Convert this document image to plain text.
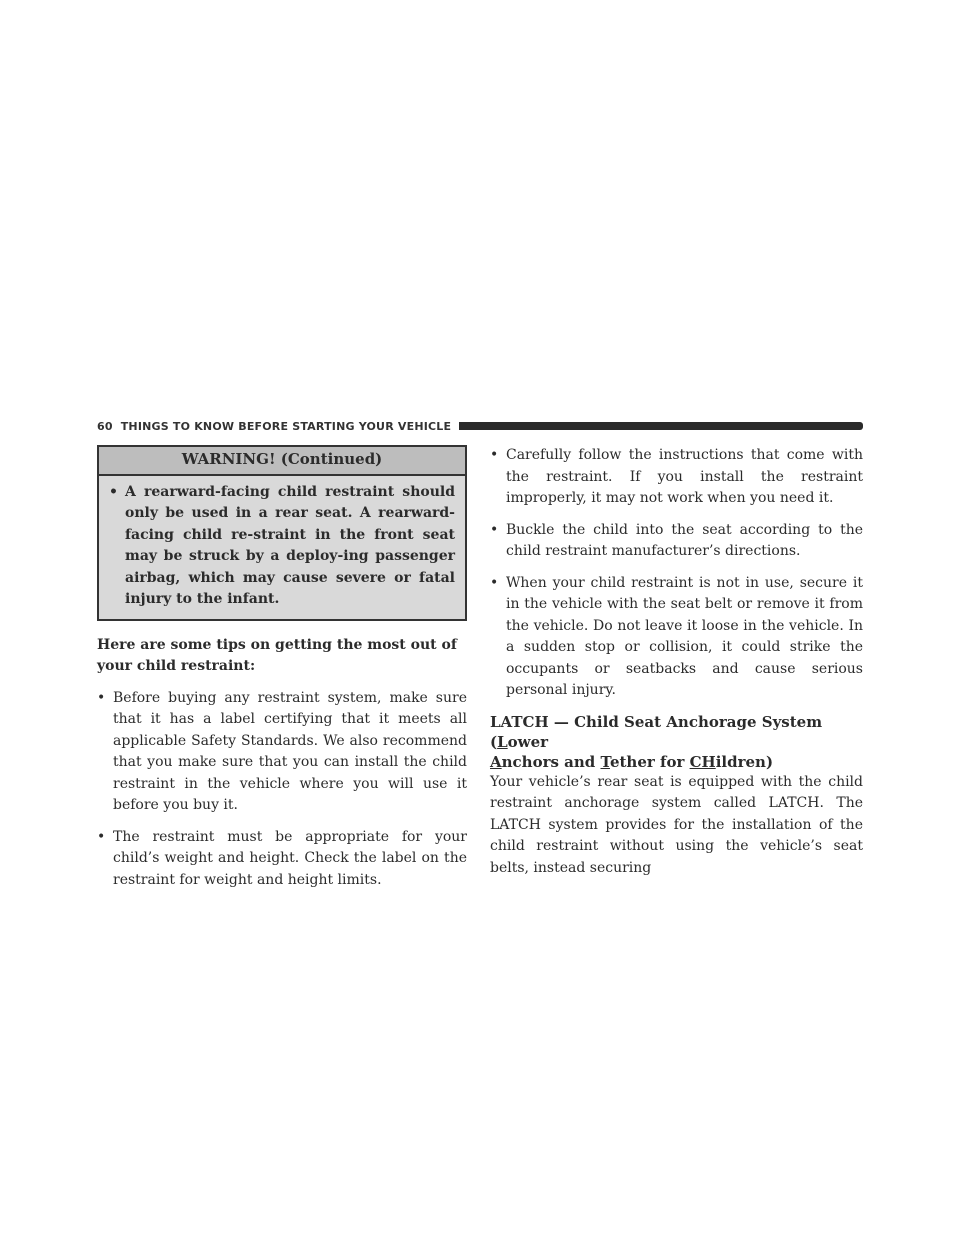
60 THINGS TO KNOW BEFORE STARTING YOUR VEHICLE
WARNING! (Continued)
• A rearward-facing child restraint should only be used in a rear seat. A rearward-facing child re-straint in the front seat may be struck by a deploy-ing passenger airbag, which may cause severe or fatal injury to the infant.

Here are some tips on getting the most out of your child restraint:

• Before buying any restraint system, make sure that it has a label certifying that it meets all applicable Safety Standards. We also recommend that you make sure that you can install the child restraint in the vehicle where you will use it before you buy it.
• The restraint must be appropriate for your child’s weight and height. Check the label on the restraint for weight and height limits.
• Carefully follow the instructions that come with the restraint. If you install the restraint improperly, it may not work when you need it.
• Buckle the child into the seat according to the child restraint manufacturer’s directions.
• When your child restraint is not in use, secure it in the vehicle with the seat belt or remove it from the vehicle. Do not leave it loose in the vehicle. In a sudden stop or collision, it could strike the occupants or seatbacks and cause serious personal injury.
LATCH — Child Seat Anchorage System (Lower
Anchors and Tether for CHildren)

Your vehicle’s rear seat is equipped with the child restraint anchorage system called LATCH. The LATCH system provides for the installation of the child restraint without using the vehicle’s seat belts, instead securing
